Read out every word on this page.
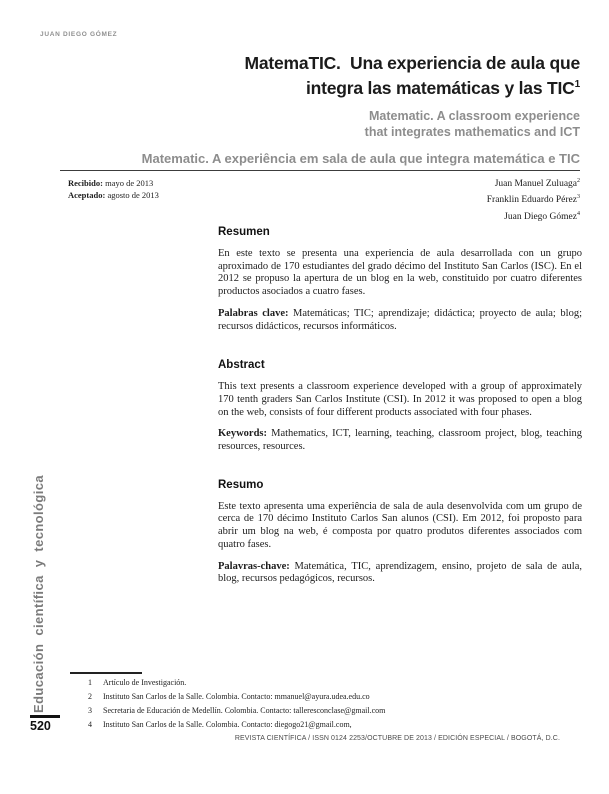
JUAN DIEGO GÓMEZ
MatemaTIC.  Una experiencia de aula que
integra las matemáticas y las TIC$^1$
Matematic. A classroom experience
that integrates mathematics and ICT
Matematic. A experiência em sala de aula que integra matemática e TIC
Recibido: mayo de 2013
Aceptado: agosto de 2013
Juan Manuel Zuluaga$^2$
Franklin Eduardo Pérez$^3$
Juan Diego Gómez$^4$
Resumen

En este texto se presenta una experiencia de aula desarrollada con un grupo aproximado de 170 estudiantes del grado décimo del Instituto San Carlos (ISC). En el 2012 se propuso la apertura de un blog en la web, constituido por cuatro diferentes productos asociados a cuatro fases.

Palabras clave: Matemáticas; TIC; aprendizaje; didáctica; proyecto de aula; blog; recursos didácticos, recursos informáticos.

Abstract

This text presents a classroom experience developed with a group of approximately 170 tenth graders San Carlos Institute (CSI). In 2012 it was proposed to open a blog on the web, consists of four different products associated with four phases.

Keywords: Mathematics, ICT, learning, teaching, classroom project, blog, teaching resources, resources.

Resumo

Este texto apresenta uma experiência de sala de aula desenvolvida com um grupo de cerca de 170 décimo Instituto Carlos San alunos (CSI). Em 2012, foi proposto para abrir um blog na web, é composta por quatro produtos diferentes associados com quatro fases.

Palavras-chave: Matemática, TIC, aprendizagem, ensino, projeto de sala de aula, blog, recursos pedagógicos, recursos.

Educación científica y tecnológica
520
1 Artículo de Investigación.
2 Instituto San Carlos de la Salle. Colombia. Contacto: mmanuel@ayura.udea.edu.co
3 Secretaria de Educación de Medellín. Colombia. Contacto: talleresconclase@gmail.com
4 Instituto San Carlos de la Salle. Colombia. Contacto: diegogo21@gmail.com,
REVISTA CIENTÍFICA / ISSN 0124 2253/OCTUBRE DE 2013 / EDICIÓN ESPECIAL / BOGOTÁ, D.C.
